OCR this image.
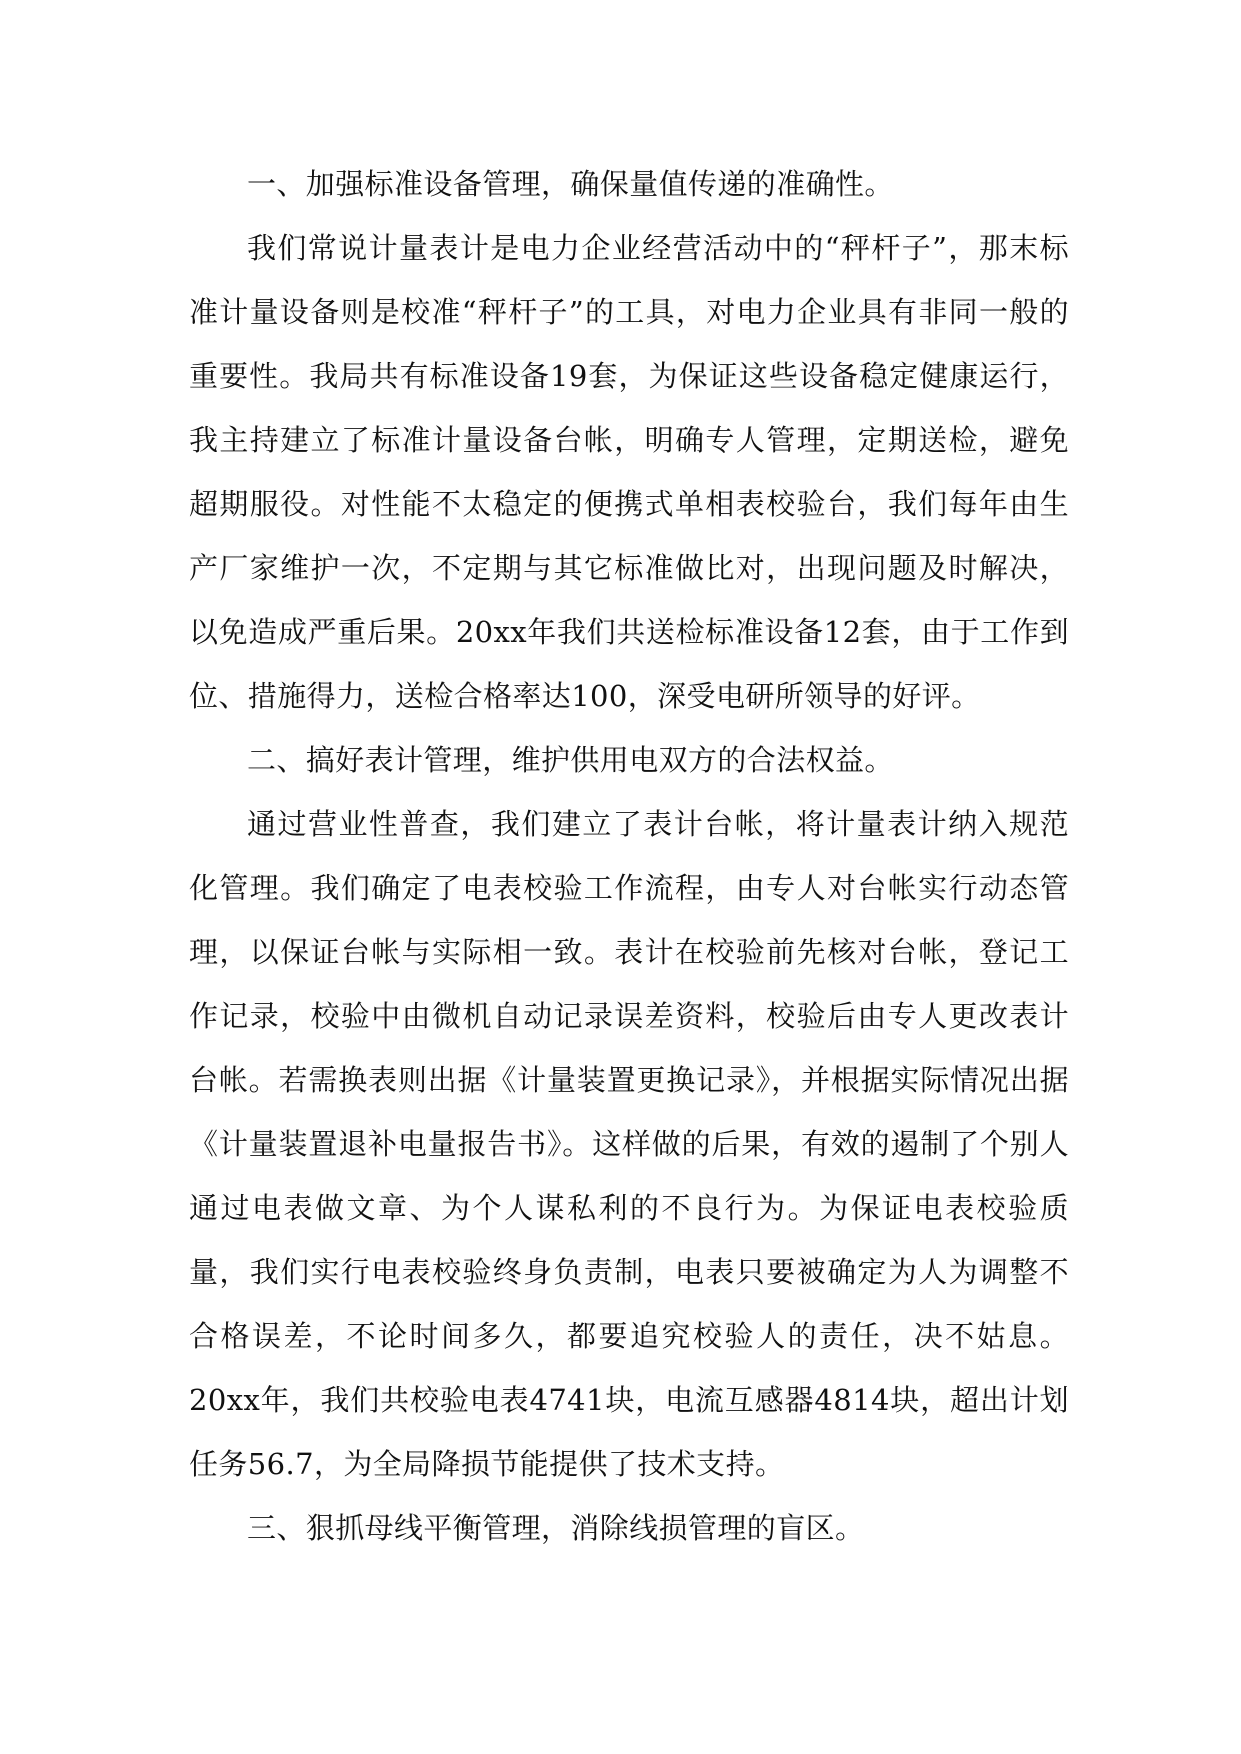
一、加强标准设备管理，确保量值传递的准确性。

我们常说计量表计是电力企业经营活动中的“秤杆子”，那末标准计量设备则是校准“秤杆子”的工具，对电力企业具有非同一般的重要性。我局共有标准设备19套，为保证这些设备稳定健康运行，我主持建立了标准计量设备台帐，明确专人管理，定期送检，避免超期服役。对性能不太稳定的便携式单相表校验台，我们每年由生产厂家维护一次，不定期与其它标准做比对，出现问题及时解决，以免造成严重后果。20xx年我们共送检标准设备12套，由于工作到位、措施得力，送检合格率达100，深受电研所领导的好评。

二、搞好表计管理，维护供用电双方的合法权益。

通过营业性普查，我们建立了表计台帐，将计量表计纳入规范化管理。我们确定了电表校验工作流程，由专人对台帐实行动态管理，以保证台帐与实际相一致。表计在校验前先核对台帐，登记工作记录，校验中由微机自动记录误差资料，校验后由专人更改表计台帐。若需换表则出据《计量装置更换记录》，并根据实际情况出据《计量装置退补电量报告书》。这样做的后果，有效的遏制了个别人通过电表做文章、为个人谋私利的不良行为。为保证电表校验质量，我们实行电表校验终身负责制，电表只要被确定为人为调整不合格误差，不论时间多久，都要追究校验人的责任，决不姑息。20xx年，我们共校验电表4741块，电流互感器4814块，超出计划任务56.7，为全局降损节能提供了技术支持。

三、狠抓母线平衡管理，消除线损管理的盲区。
